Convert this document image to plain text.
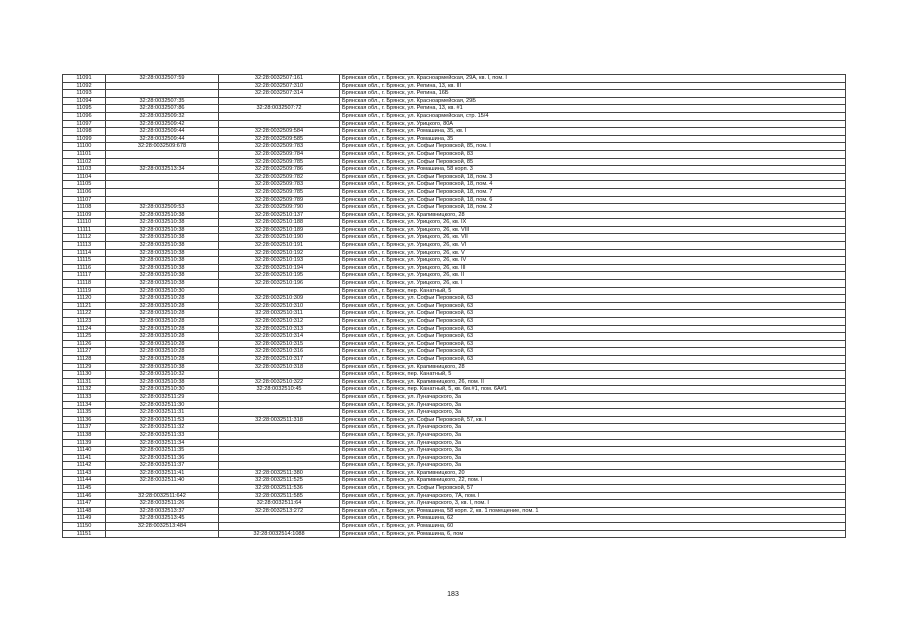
11091	32:28:0032507:59	32:28:0032507:161	Брянская обл., г. Брянск, ул. Красноармейская, 29А, кв. I, пом. I
11092		32:28:0032507:310	Брянская обл., г. Брянск, ул. Репина, 13, кв. III
11093		32:28:0032507:314	Брянская обл., г. Брянск, ул. Репина, 16Б
11094	32:28:0032507:35		Брянская обл., г. Брянск, ул. Красноармейская, 29Б
11095	32:28:0032507:86	32:28:0032507:72	Брянская обл., г. Брянск, ул. Репина, 13, кв. #1
11096	32:28:0032509:32		Брянская обл., г. Брянск, ул. Красноармейская, стр. 15/4
11097	32:28:0032509:42		Брянская обл., г. Брянск, ул. Урицкого, 80А
11098	32:28:0032509:44	32:28:0032509:584	Брянская обл., г. Брянск, ул. Ромашина, 35, кв. I
11099	32:28:0032509:44	32:28:0032509:585	Брянская обл., г. Брянск, ул. Ромашина, 35
11100	32:28:0032509:678	32:28:0032509:783	Брянская обл., г. Брянск, ул. Софьи Перовской, 85, пом. I
11101		32:28:0032509:784	Брянская обл., г. Брянск, ул. Софьи Перовской, 83
11102		32:28:0032509:785	Брянская обл., г. Брянск, ул. Софьи Перовской, 85
11103	32:28:0032513:34	32:28:0032509:786	Брянская обл., г. Брянск, ул. Ромашина, 58 корп. 3
11104		32:28:0032509:782	Брянская обл., г. Брянск, ул. Софьи Перовской, 18, пом. 3
11105		32:28:0032509:783	Брянская обл., г. Брянск, ул. Софьи Перовской, 18, пом. 4
11106		32:28:0032509:785	Брянская обл., г. Брянск, ул. Софьи Перовской, 18, пом. 7
11107		32:28:0032509:789	Брянская обл., г. Брянск, ул. Софьи Перовской, 18, пом. 6
11108	32:28:0032509:53	32:28:0032509:790	Брянская обл., г. Брянск, ул. Софьи Перовской, 18, пом. 2
11109	32:28:0032510:38	32:28:0032510:137	Брянская обл., г. Брянск, ул. Крапивницкого, 28
11110	32:28:0032510:38	32:28:0032510:188	Брянская обл., г. Брянск, ул. Урицкого, 26, кв. IX
11111	32:28:0032510:38	32:28:0032510:189	Брянская обл., г. Брянск, ул. Урицкого, 26, кв. VIII
11112	32:28:0032510:38	32:28:0032510:190	Брянская обл., г. Брянск, ул. Урицкого, 26, кв. VII
11113	32:28:0032510:38	32:28:0032510:191	Брянская обл., г. Брянск, ул. Урицкого, 26, кв. VI
11114	32:28:0032510:38	32:28:0032510:192	Брянская обл., г. Брянск, ул. Урицкого, 26, кв. V
11115	32:28:0032510:38	32:28:0032510:193	Брянская обл., г. Брянск, ул. Урицкого, 26, кв. IV
11116	32:28:0032510:38	32:28:0032510:194	Брянская обл., г. Брянск, ул. Урицкого, 26, кв. III
11117	32:28:0032510:38	32:28:0032510:195	Брянская обл., г. Брянск, ул. Урицкого, 26, кв. II
11118	32:28:0032510:38	32:28:0032510:196	Брянская обл., г. Брянск, ул. Урицкого, 26, кв. I
11119	32:28:0032510:30		Брянская обл., г. Брянск, пер. Канатный, 5
11120	32:28:0032510:28	32:28:0032510:309	Брянская обл., г. Брянск, ул. Софьи Перовской, 63
11121	32:28:0032510:28	32:28:0032510:310	Брянская обл., г. Брянск, ул. Софьи Перовской, 63
11122	32:28:0032510:28	32:28:0032510:311	Брянская обл., г. Брянск, ул. Софьи Перовской, 63
11123	32:28:0032510:28	32:28:0032510:312	Брянская обл., г. Брянск, ул. Софьи Перовской, 63
11124	32:28:0032510:28	32:28:0032510:313	Брянская обл., г. Брянск, ул. Софьи Перовской, 63
11125	32:28:0032510:28	32:28:0032510:314	Брянская обл., г. Брянск, ул. Софьи Перовской, 63
11126	32:28:0032510:28	32:28:0032510:315	Брянская обл., г. Брянск, ул. Софьи Перовской, 63
11127	32:28:0032510:28	32:28:0032510:316	Брянская обл., г. Брянск, ул. Софьи Перовской, 63
11128	32:28:0032510:28	32:28:0032510:317	Брянская обл., г. Брянск, ул. Софьи Перовской, 63
11129	32:28:0032510:38	32:28:0032510:318	Брянская обл., г. Брянск, ул. Крапивницкого, 28
11130	32:28:0032510:32		Брянская обл., г. Брянск, пер. Канатный, 5
11131	32:28:0032510:38	32:28:0032510:322	Брянская обл., г. Брянск, ул. Крапивницкого, 26, пом. II
11132	32:28:0032510:30	32:28:0032510:45	Брянская обл., г. Брянск, пер. Канатный, 5, кв. 6м.#1, пом. 6А#1
11133	32:28:0032511:29		Брянская обл., г. Брянск, ул. Луначарского, 3а
11134	32:28:0032511:30		Брянская обл., г. Брянск, ул. Луначарского, 3а
11135	32:28:0032511:31		Брянская обл., г. Брянск, ул. Луначарского, 3а
11136	32:28:0032511:53	32:28:0032511:318	Брянская обл., г. Брянск, ул. Софьи Перовской, 57, кв. I
11137	32:28:0032511:32		Брянская обл., г. Брянск, ул. Луначарского, 3а
11138	32:28:0032511:33		Брянская обл., г. Брянск, ул. Луначарского, 3а
11139	32:28:0032511:34		Брянская обл., г. Брянск, ул. Луначарского, 3а
11140	32:28:0032511:35		Брянская обл., г. Брянск, ул. Луначарского, 3а
11141	32:28:0032511:36		Брянская обл., г. Брянск, ул. Луначарского, 3а
11142	32:28:0032511:37		Брянская обл., г. Брянск, ул. Луначарского, 3а
11143	32:28:0032511:41	32:28:0032511:380	Брянская обл., г. Брянск, ул. Крапивницкого, 20
11144	32:28:0032511:40	32:28:0032511:525	Брянская обл., г. Брянск, ул. Крапивницкого, 22, пом. I
11145		32:28:0032511:536	Брянская обл., г. Брянск, ул. Софьи Перовской, 57
11146	32:28:0032511:642	32:28:0032511:585	Брянская обл., г. Брянск, ул. Луначарского, 7А, пом. I
11147	32:28:0032511:26	32:28:0032511:64	Брянская обл., г. Брянск, ул. Луначарского, 3, кв. I, пом. I
11148	32:28:0032513:37	32:28:0032513:272	Брянская обл., г. Брянск, ул. Ромашина, 58 корп. 2, кв. 1 помещение, пом. 1
11149	32:28:0032513:45		Брянская обл., г. Брянск, ул. Ромашина, 62
11150	32:28:0032513:484		Брянская обл., г. Брянск, ул. Ромашина, 60
11151		32:28:0032514:1088	Брянская обл., г. Брянск, ул. Ромашина, 6, пом
183
